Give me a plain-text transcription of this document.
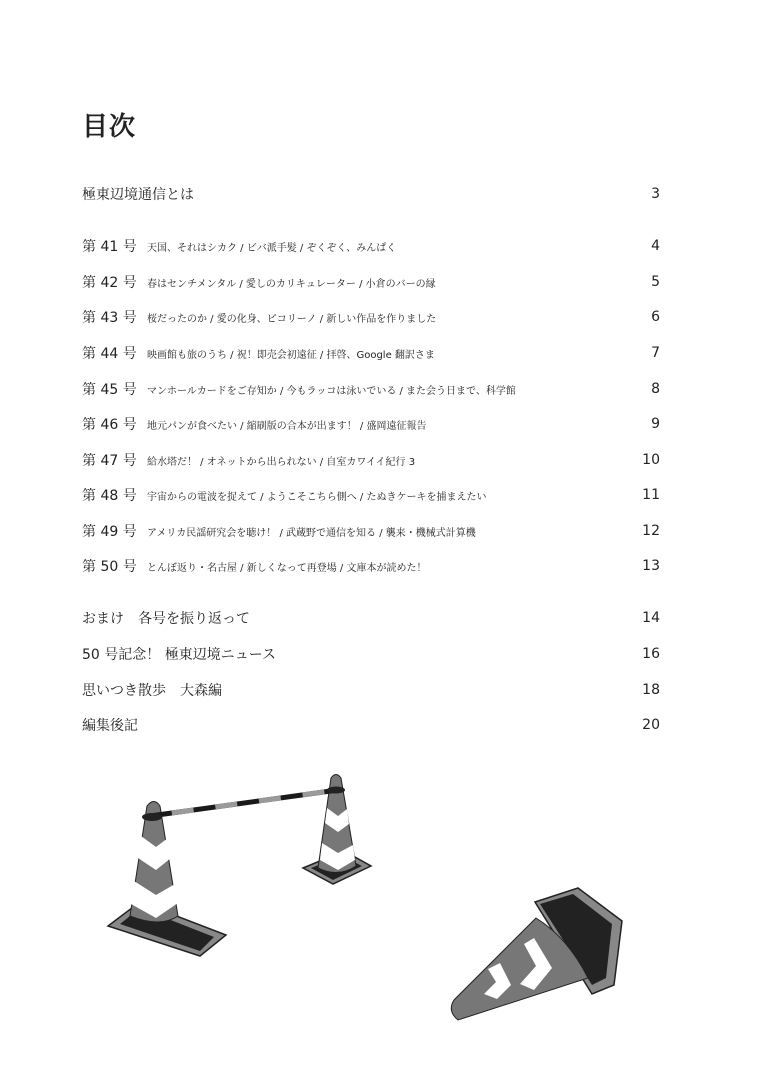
目次
極東辺境通信とは	3
第 41 号	天国、それはシカク / ビバ派手髪 / ぞくぞく、みんぱく	4
第 42 号	春はセンチメンタル / 愛しのカリキュレーター / 小倉のバーの縁	5
第 43 号	桜だったのか / 愛の化身、ピコリーノ / 新しい作品を作りました	6
第 44 号	映画館も旅のうち / 祝！即売会初遠征 / 拝啓、Google 翻訳さま	7
第 45 号	マンホールカードをご存知か / 今もラッコは泳いでいる / また会う日まで、科学館	8
第 46 号	地元パンが食べたい / 縮刷版の合本が出ます！ / 盛岡遠征報告	9
第 47 号	給水塔だ！ / オネットから出られない / 自室カワイイ紀行 3	10
第 48 号	宇宙からの電波を捉えて / ようこそこちら側へ / たぬきケーキを捕まえたい	11
第 49 号	アメリカ民謡研究会を聴け！ / 武蔵野で通信を知る / 襲来・機械式計算機	12
第 50 号	とんぼ返り・名古屋 / 新しくなって再登場 / 文庫本が読めた！	13
おまけ　各号を振り返って	14
50 号記念！ 極東辺境ニュース	16
思いつき散歩　大森編	18
編集後記	20
